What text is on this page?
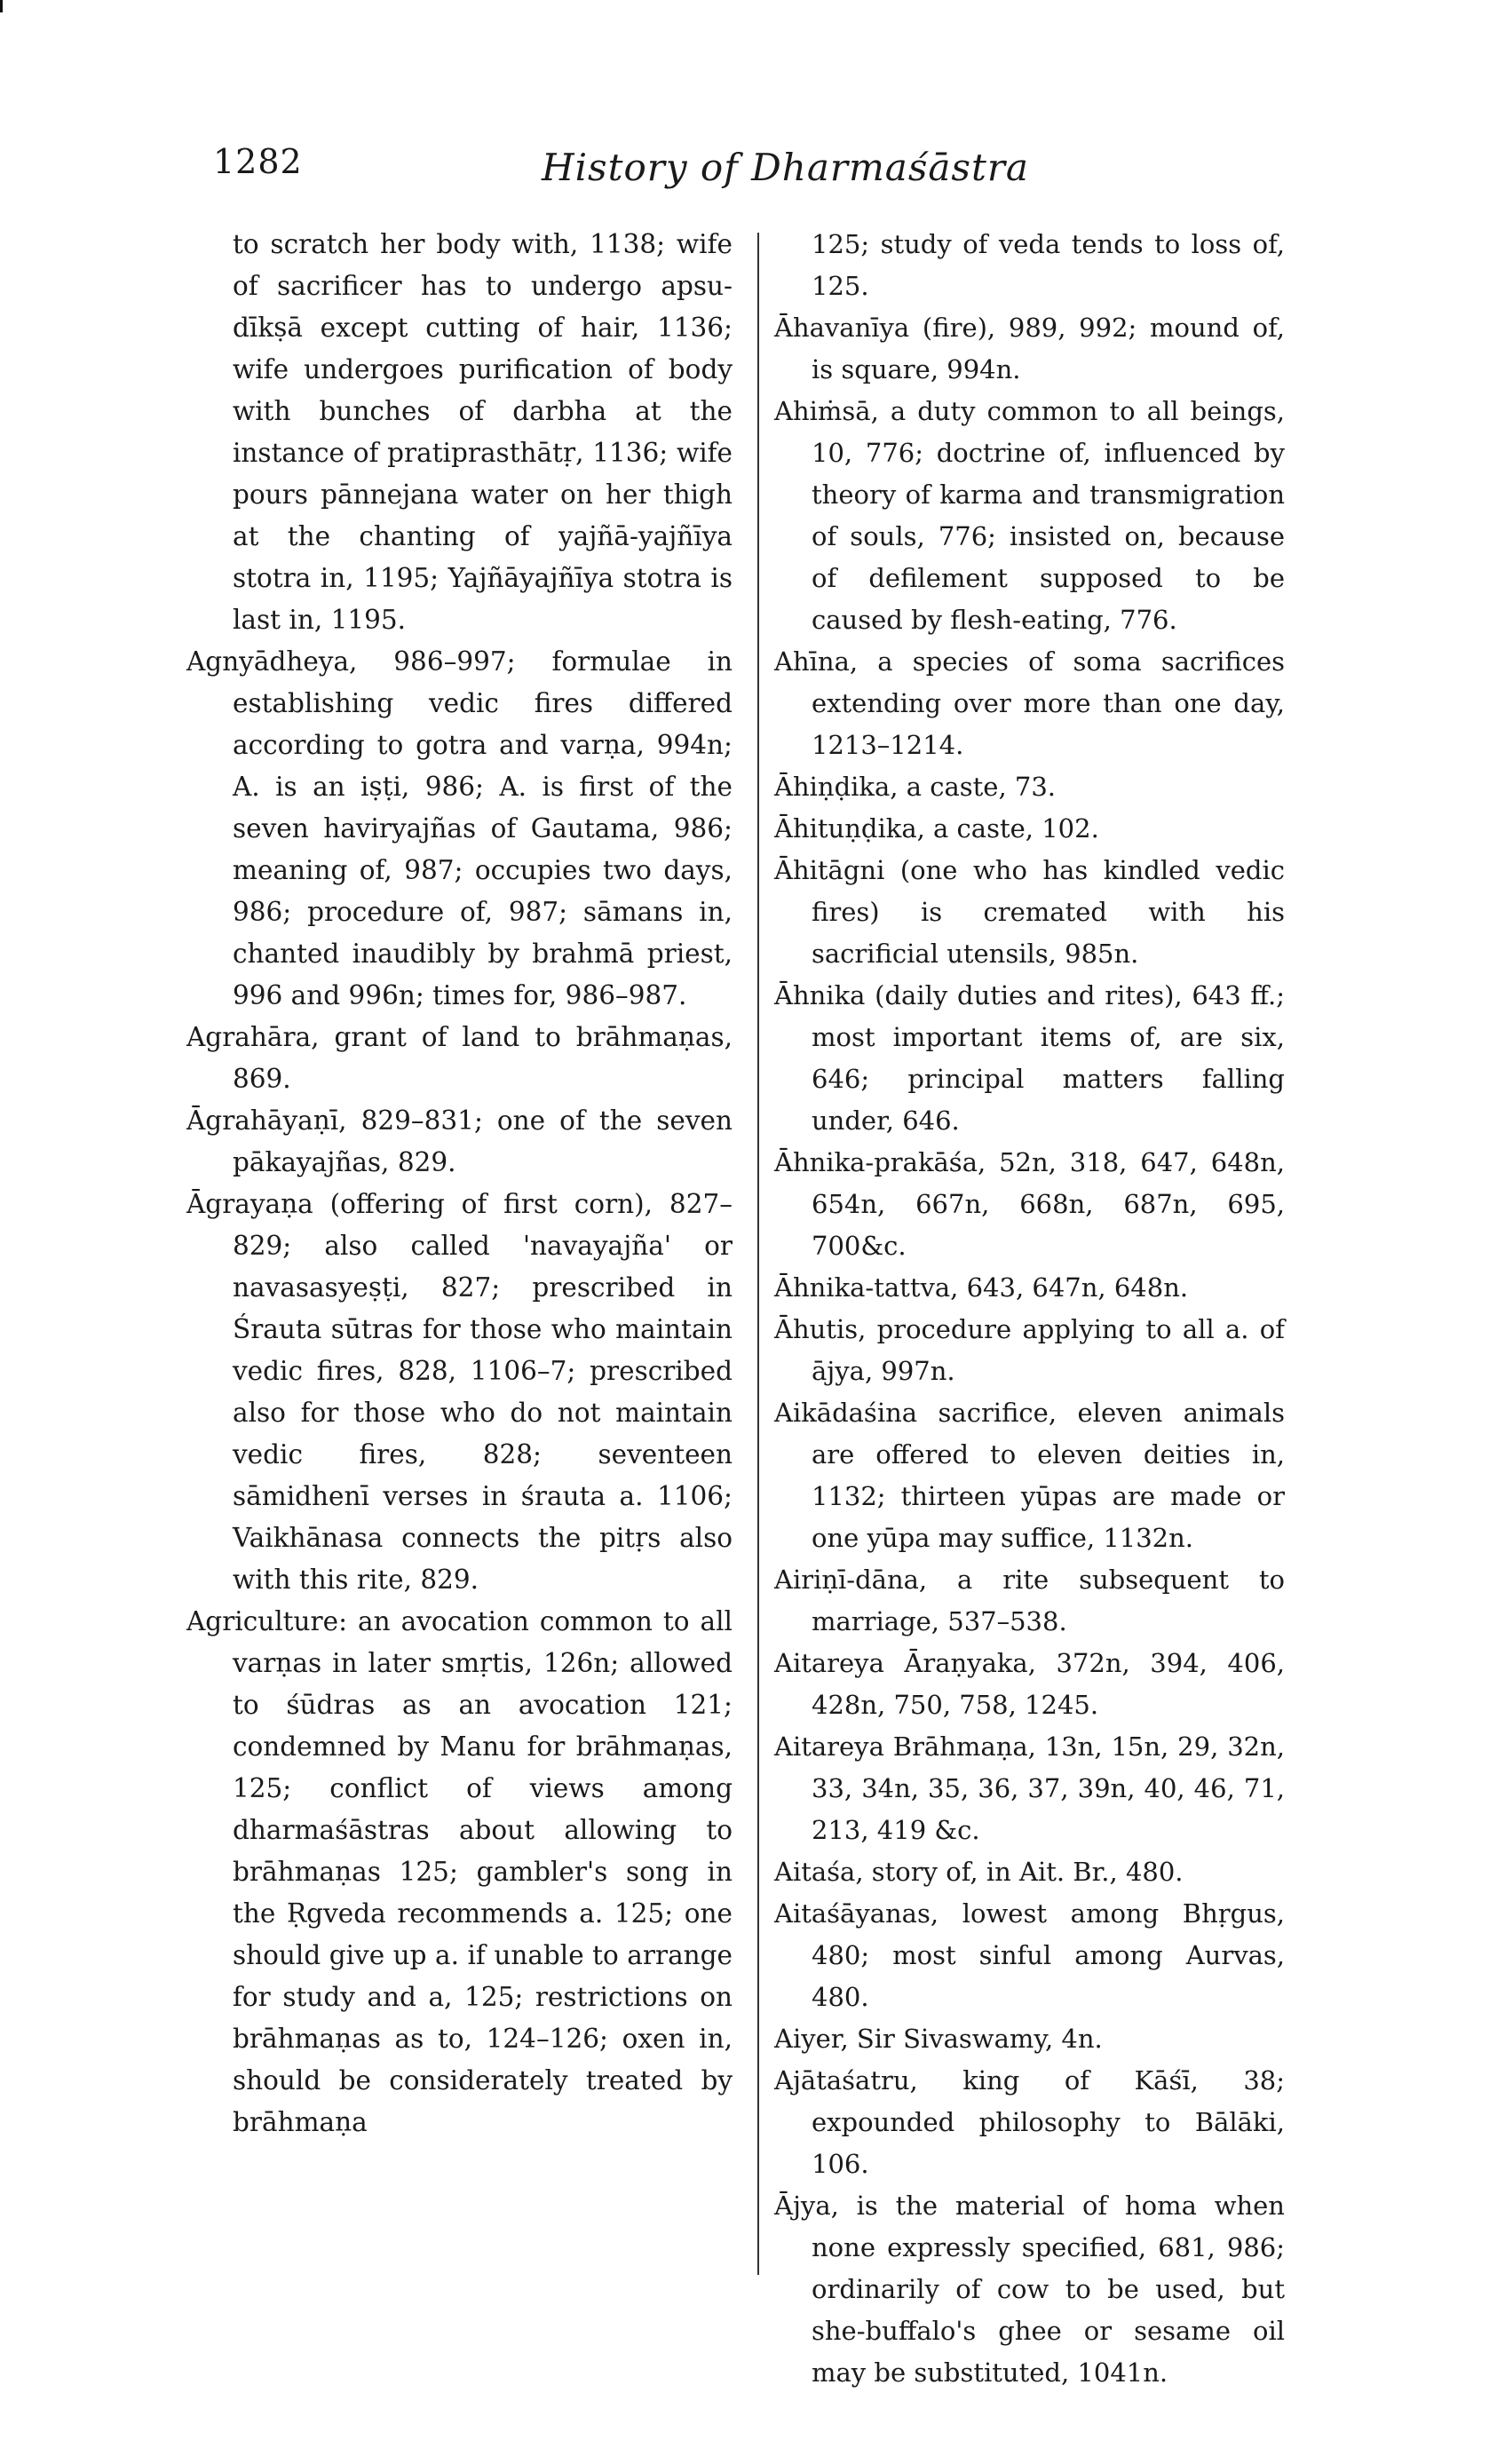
1282	History of Dharmaśāstra

to scratch her body with, 1138; wife of sacrificer has to undergo apsu-dīkṣā except cutting of hair, 1136; wife undergoes purification of body with bunches of darbha at the instance of pratiprasthātṛ, 1136; wife pours pānnejana water on her thigh at the chanting of yajñā-yajñīya stotra in, 1195; Yajñāyajñīya stotra is last in, 1195.

Agnyādheya, 986–997; formulae in establishing vedic fires differed according to gotra and varṇa, 994n; A. is an iṣṭi, 986; A. is first of the seven haviryajñas of Gautama, 986; meaning of, 987; occupies two days, 986; procedure of, 987; sāmans in, chanted inaudibly by brahmā priest, 996 and 996n; times for, 986–987.

Agrahāra, grant of land to brāhmaṇas, 869.

Āgrahāyaṇī, 829–831; one of the seven pākayajñas, 829.

Āgrayaṇa (offering of first corn), 827–829; also called 'navayajña' or navasasyeṣṭi, 827; prescribed in Śrauta sūtras for those who maintain vedic fires, 828, 1106–7; prescribed also for those who do not maintain vedic fires, 828; seventeen sāmidhenī verses in śrauta a. 1106; Vaikhānasa connects the pitṛs also with this rite, 829.

Agriculture: an avocation common to all varṇas in later smṛtis, 126n; allowed to śūdras as an avocation 121; condemned by Manu for brāhmaṇas, 125; conflict of views among dharmaśāstras about allowing to brāhmaṇas 125; gambler's song in the Ṛgveda recommends a. 125; one should give up a. if unable to arrange for study and a, 125; restrictions on brāhmaṇas as to, 124–126; oxen in, should be considerately treated by brāhmaṇa

125; study of veda tends to loss of, 125.

Āhavanīya (fire), 989, 992; mound of, is square, 994n.

Ahiṁsā, a duty common to all beings, 10, 776; doctrine of, influenced by theory of karma and transmigration of souls, 776; insisted on, because of defilement supposed to be caused by flesh-eating, 776.

Ahīna, a species of soma sacrifices extending over more than one day, 1213–1214.

Āhiṇḍika, a caste, 73.

Āhituṇḍika, a caste, 102.

Āhitāgni (one who has kindled vedic fires) is cremated with his sacrificial utensils, 985n.

Āhnika (daily duties and rites), 643 ff.; most important items of, are six, 646; principal matters falling under, 646.

Āhnika-prakāśa, 52n, 318, 647, 648n, 654n, 667n, 668n, 687n, 695, 700&c.

Āhnika-tattva, 643, 647n, 648n.

Āhutis, procedure applying to all a. of ājya, 997n.

Aikādaśina sacrifice, eleven animals are offered to eleven deities in, 1132; thirteen yūpas are made or one yūpa may suffice, 1132n.

Airiṇī-dāna, a rite subsequent to marriage, 537–538.

Aitareya Āraṇyaka, 372n, 394, 406, 428n, 750, 758, 1245.

Aitareya Brāhmaṇa, 13n, 15n, 29, 32n, 33, 34n, 35, 36, 37, 39n, 40, 46, 71, 213, 419 &c.

Aitaśa, story of, in Ait. Br., 480.

Aitaśāyanas, lowest among Bhṛgus, 480; most sinful among Aurvas, 480.

Aiyer, Sir Sivaswamy, 4n.

Ajātaśatru, king of Kāśī, 38; expounded philosophy to Bālāki, 106.

Ājya, is the material of homa when none expressly specified, 681, 986; ordinarily of cow to be used, but she-buffalo's ghee or sesame oil may be substituted, 1041n.
